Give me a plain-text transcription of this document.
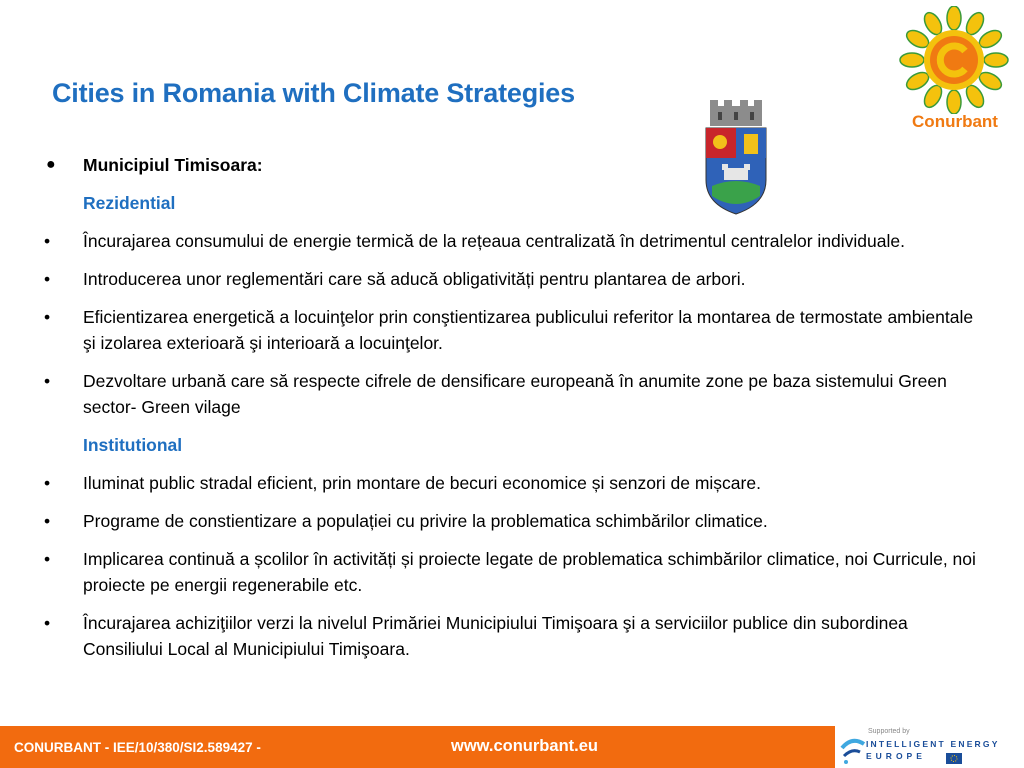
Cities in Romania with Climate Strategies
Conurbant
● Municipiul Timisoara:
Rezidential
• Încurajarea consumului de energie termică de la rețeaua centralizată în detrimentul centralelor individuale.
• Introducerea unor reglementări care să aducă obligativități pentru plantarea de arbori.
• Eficientizarea energetică a locuinţelor prin conştientizarea publicului referitor la montarea de termostate ambientale şi izolarea exterioară şi interioară a locuinţelor.
• Dezvoltare urbană care să respecte cifrele de densificare europeană în anumite zone pe baza sistemului Green sector- Green vilage
Institutional
• Iluminat public stradal eficient, prin montare de becuri economice și senzori de mișcare.
• Programe de constientizare a populației cu privire la problematica schimbărilor climatice.
• Implicarea continuă a școlilor în activități și proiecte legate de problematica schimbărilor climatice, noi Curricule, noi proiecte pe energii regenerabile etc.
• Încurajarea achiziţiilor verzi la nivelul Primăriei Municipiului Timişoara şi a serviciilor publice din subordinea Consiliului Local al Municipiului Timişoara.
CONURBANT - IEE/10/380/SI2.589427 -	www.conurbant.eu
Supported by
INTELLIGENT ENERGY
EUROPE
